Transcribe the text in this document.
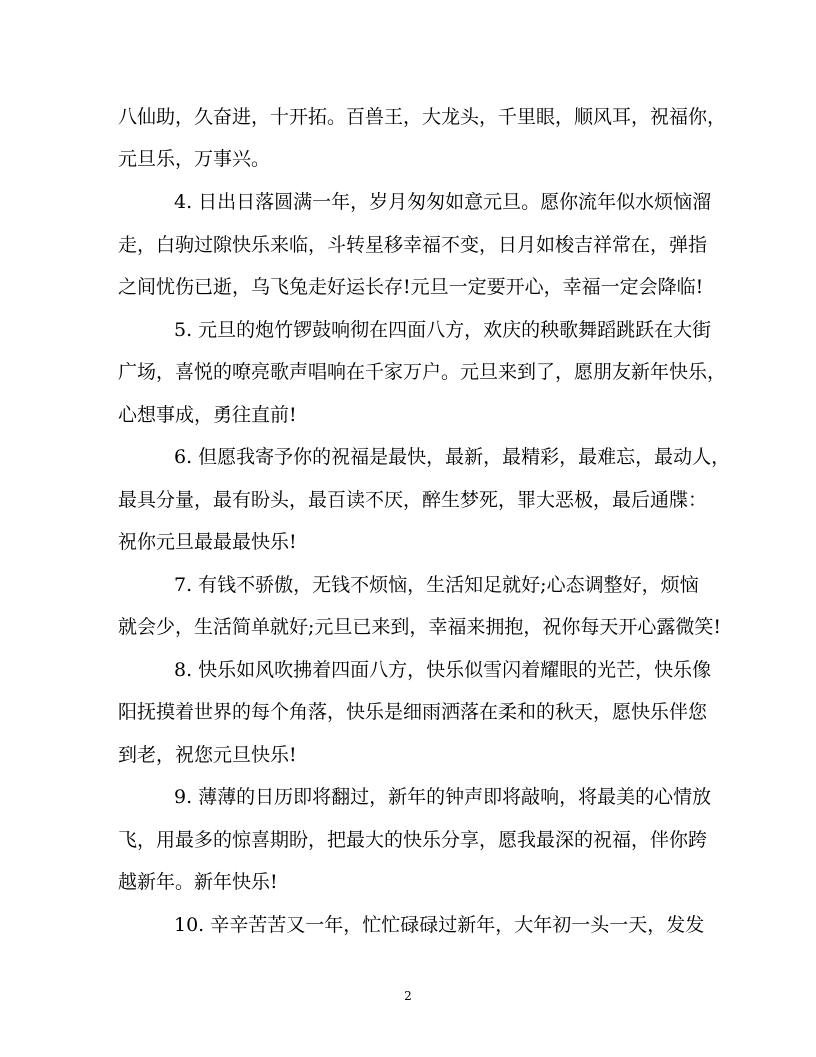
八仙助，久奋进，十开拓。百兽王，大龙头，千里眼，顺风耳，祝福你，
元旦乐，万事兴。
4. 日出日落圆满一年，岁月匆匆如意元旦。愿你流年似水烦恼溜
走，白驹过隙快乐来临，斗转星移幸福不变，日月如梭吉祥常在，弹指
之间忧伤已逝，乌飞兔走好运长存!元旦一定要开心，幸福一定会降临!
5. 元旦的炮竹锣鼓响彻在四面八方，欢庆的秧歌舞蹈跳跃在大街
广场，喜悦的嘹亮歌声唱响在千家万户。元旦来到了，愿朋友新年快乐，
心想事成，勇往直前!
6. 但愿我寄予你的祝福是最快，最新，最精彩，最难忘，最动人，
最具分量，最有盼头，最百读不厌，醉生梦死，罪大恶极，最后通牒：
祝你元旦最最最快乐!
7. 有钱不骄傲，无钱不烦恼，生活知足就好;心态调整好，烦恼
就会少，生活简单就好;元旦已来到，幸福来拥抱，祝你每天开心露微笑!
8. 快乐如风吹拂着四面八方，快乐似雪闪着耀眼的光芒，快乐像
阳抚摸着世界的每个角落，快乐是细雨洒落在柔和的秋天，愿快乐伴您
到老，祝您元旦快乐!
9. 薄薄的日历即将翻过，新年的钟声即将敲响，将最美的心情放
飞，用最多的惊喜期盼，把最大的快乐分享，愿我最深的祝福，伴你跨
越新年。新年快乐!
10. 辛辛苦苦又一年，忙忙碌碌过新年，大年初一头一天，发发
2
